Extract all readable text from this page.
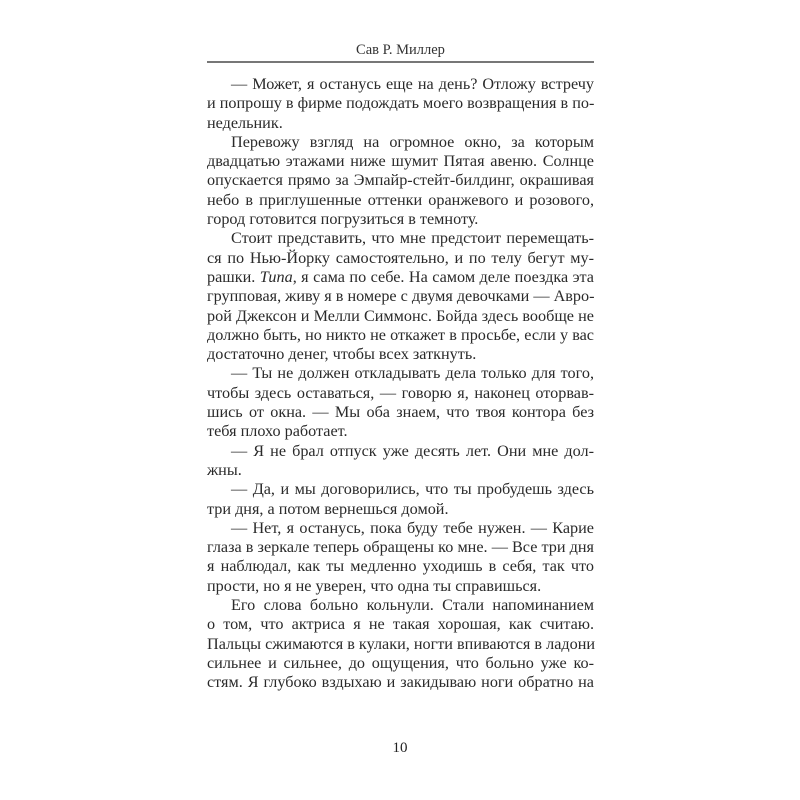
Сав Р. Миллер
— Может, я останусь еще на день? Отложу встречу
и попрошу в фирме подождать моего возвращения в по-
недельник.
Перевожу взгляд на огромное окно, за которым
двадцатью этажами ниже шумит Пятая авеню. Солнце
опускается прямо за Эмпайр-стейт-билдинг, окрашивая
небо в приглушенные оттенки оранжевого и розового,
город готовится погрузиться в темноту.
Стоит представить, что мне предстоит перемещать-
ся по Нью-Йорку самостоятельно, и по телу бегут му-
рашки. Типа, я сама по себе. На самом деле поездка эта
групповая, живу я в номере с двумя девочками — Авро-
рой Джексон и Мелли Симмонс. Бойда здесь вообще не
должно быть, но никто не откажет в просьбе, если у вас
достаточно денег, чтобы всех заткнуть.
— Ты не должен откладывать дела только для того,
чтобы здесь оставаться, — говорю я, наконец оторвав-
шись от окна. — Мы оба знаем, что твоя контора без
тебя плохо работает.
— Я не брал отпуск уже десять лет. Они мне дол-
жны.
— Да, и мы договорились, что ты пробудешь здесь
три дня, а потом вернешься домой.
— Нет, я останусь, пока буду тебе нужен. — Карие
глаза в зеркале теперь обращены ко мне. — Все три дня
я наблюдал, как ты медленно уходишь в себя, так что
прости, но я не уверен, что одна ты справишься.
Его слова больно кольнули. Стали напоминанием
о том, что актриса я не такая хорошая, как считаю.
Пальцы сжимаются в кулаки, ногти впиваются в ладони
сильнее и сильнее, до ощущения, что больно уже ко-
стям. Я глубоко вздыхаю и закидываю ноги обратно на
10
